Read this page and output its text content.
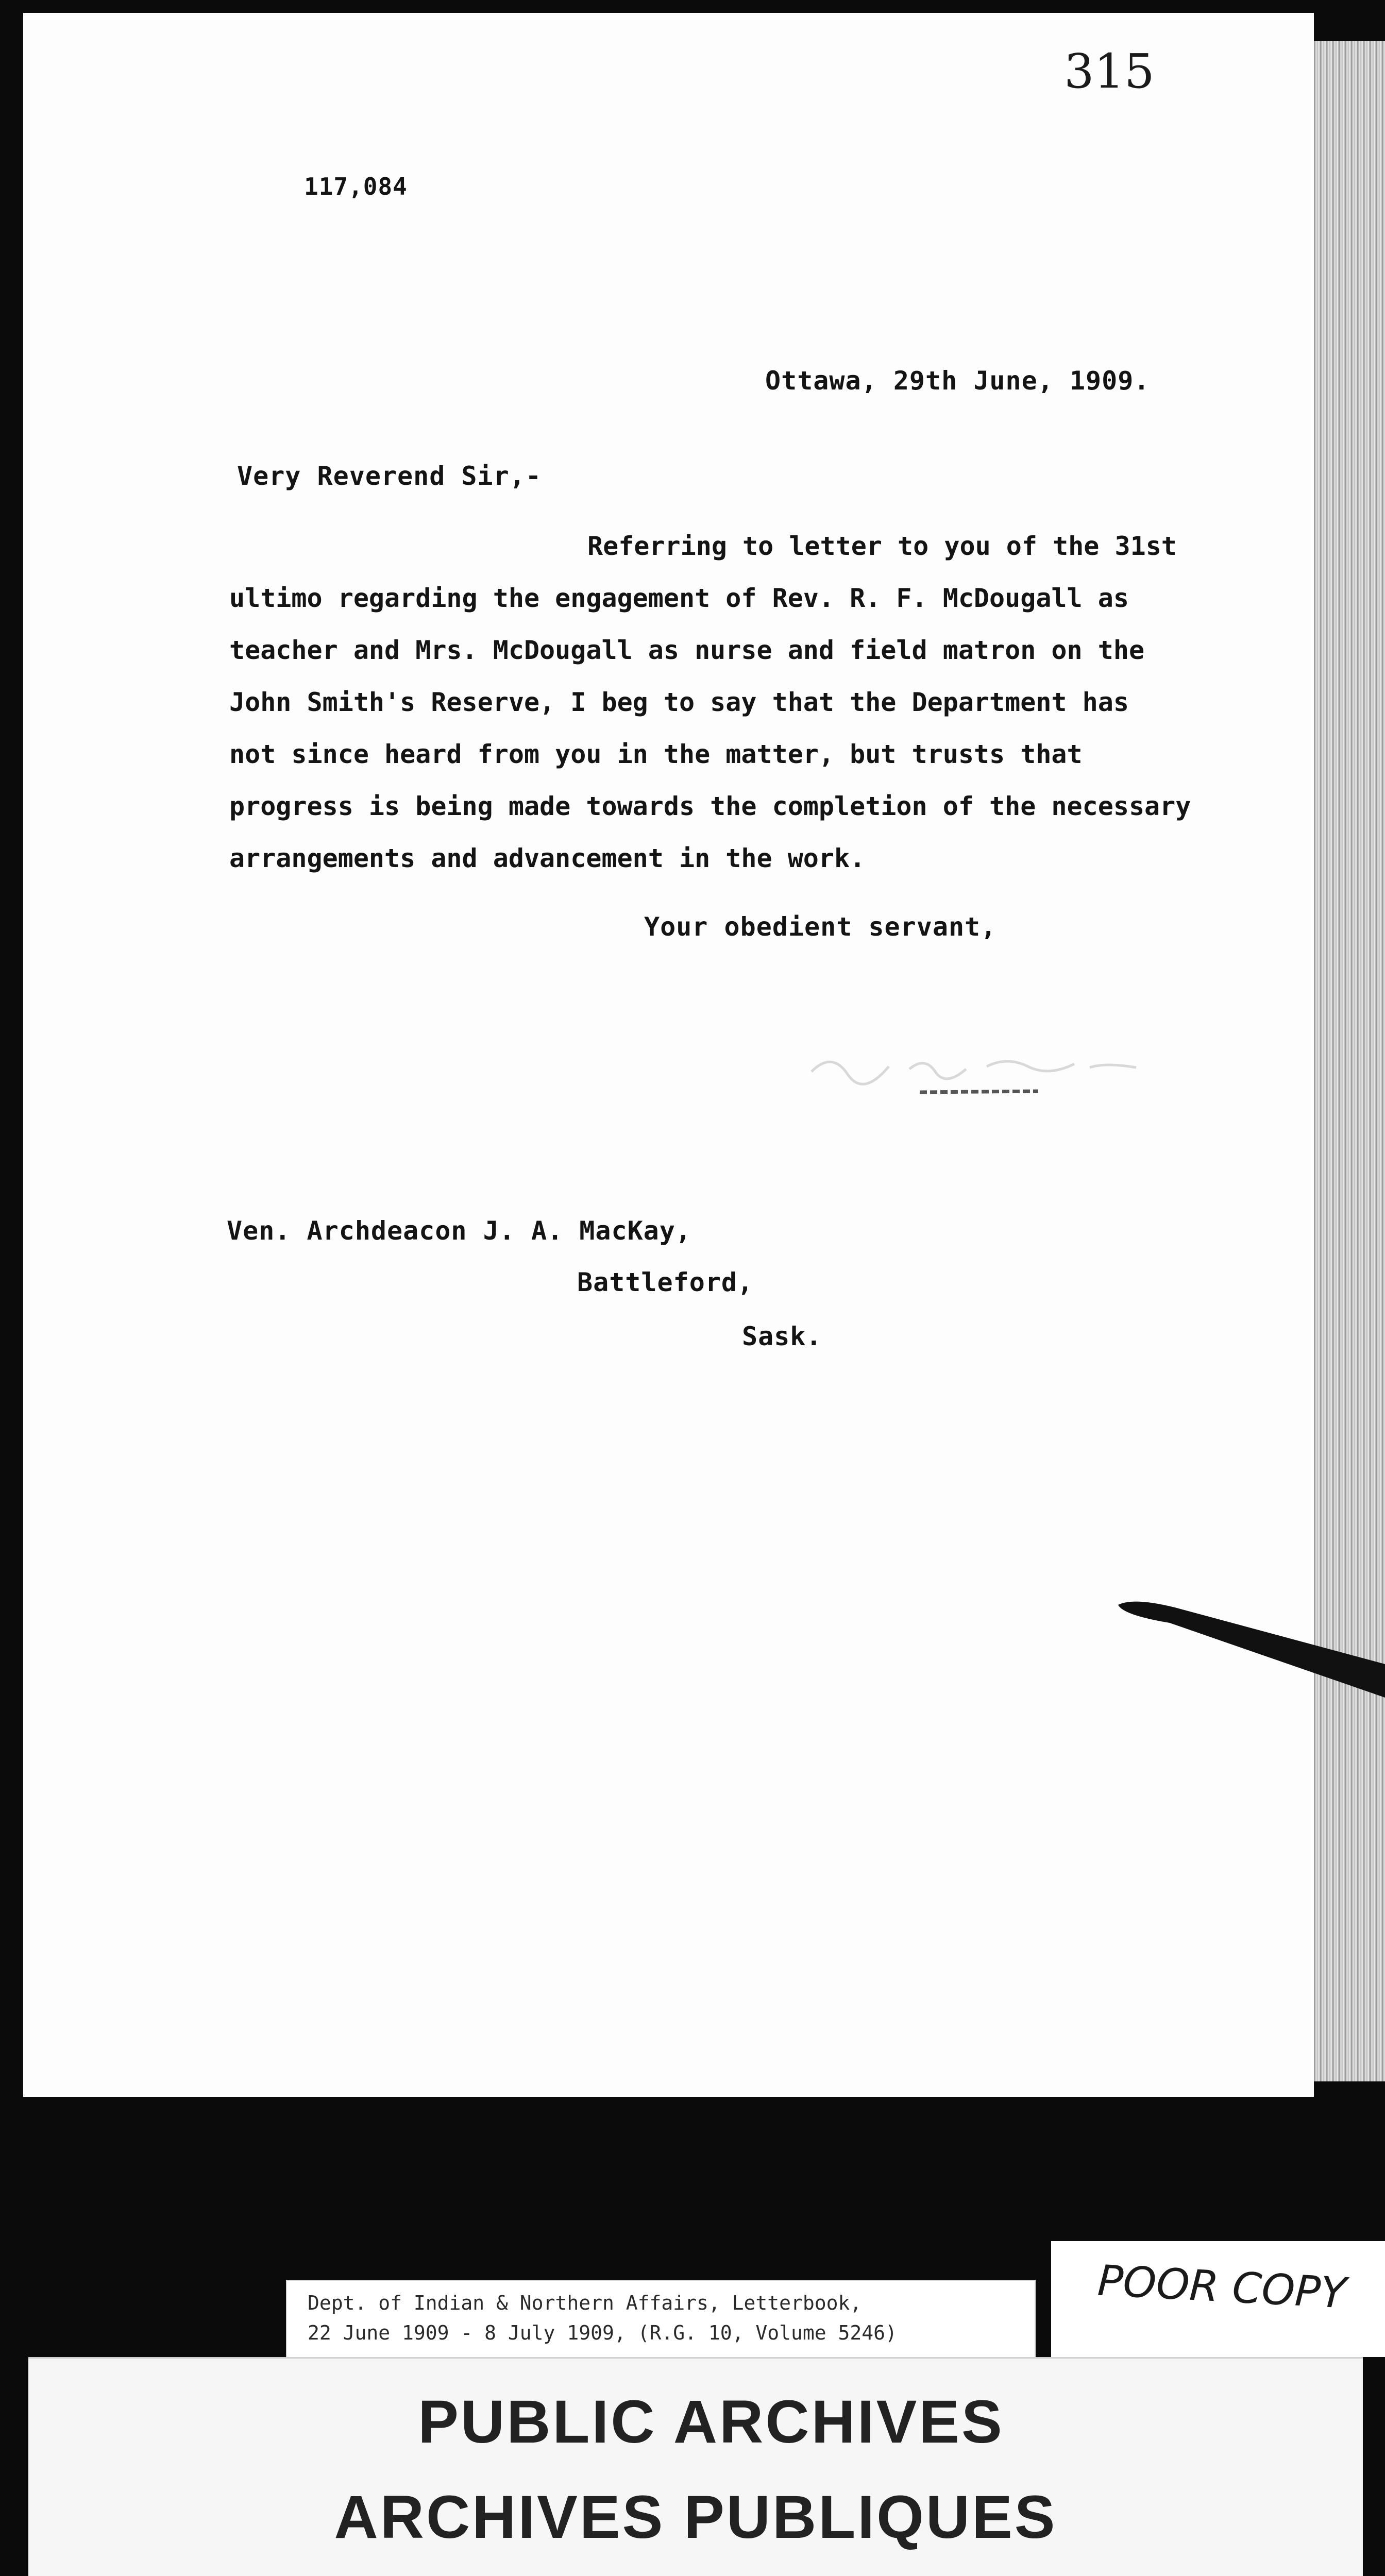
315

117,084

Ottawa, 29th June, 1909.

Very Reverend Sir,-

Referring to letter to you of the 31st
ultimo regarding the engagement of Rev. R. F. McDougall as
teacher and Mrs. McDougall as nurse and field matron on the
John Smith's Reserve, I beg to say that the Department has
not since heard from you in the matter, but trusts that
progress is being made towards the completion of the necessary
arrangements and advancement in the work.

Your obedient servant,

Ven. Archdeacon J. A. MacKay,

Battleford,

Sask.

Dept. of Indian & Northern Affairs, Letterbook,
22 June 1909 - 8 July 1909, (R.G. 10, Volume 5246)

POOR COPY

PUBLIC ARCHIVES

ARCHIVES PUBLIQUES
